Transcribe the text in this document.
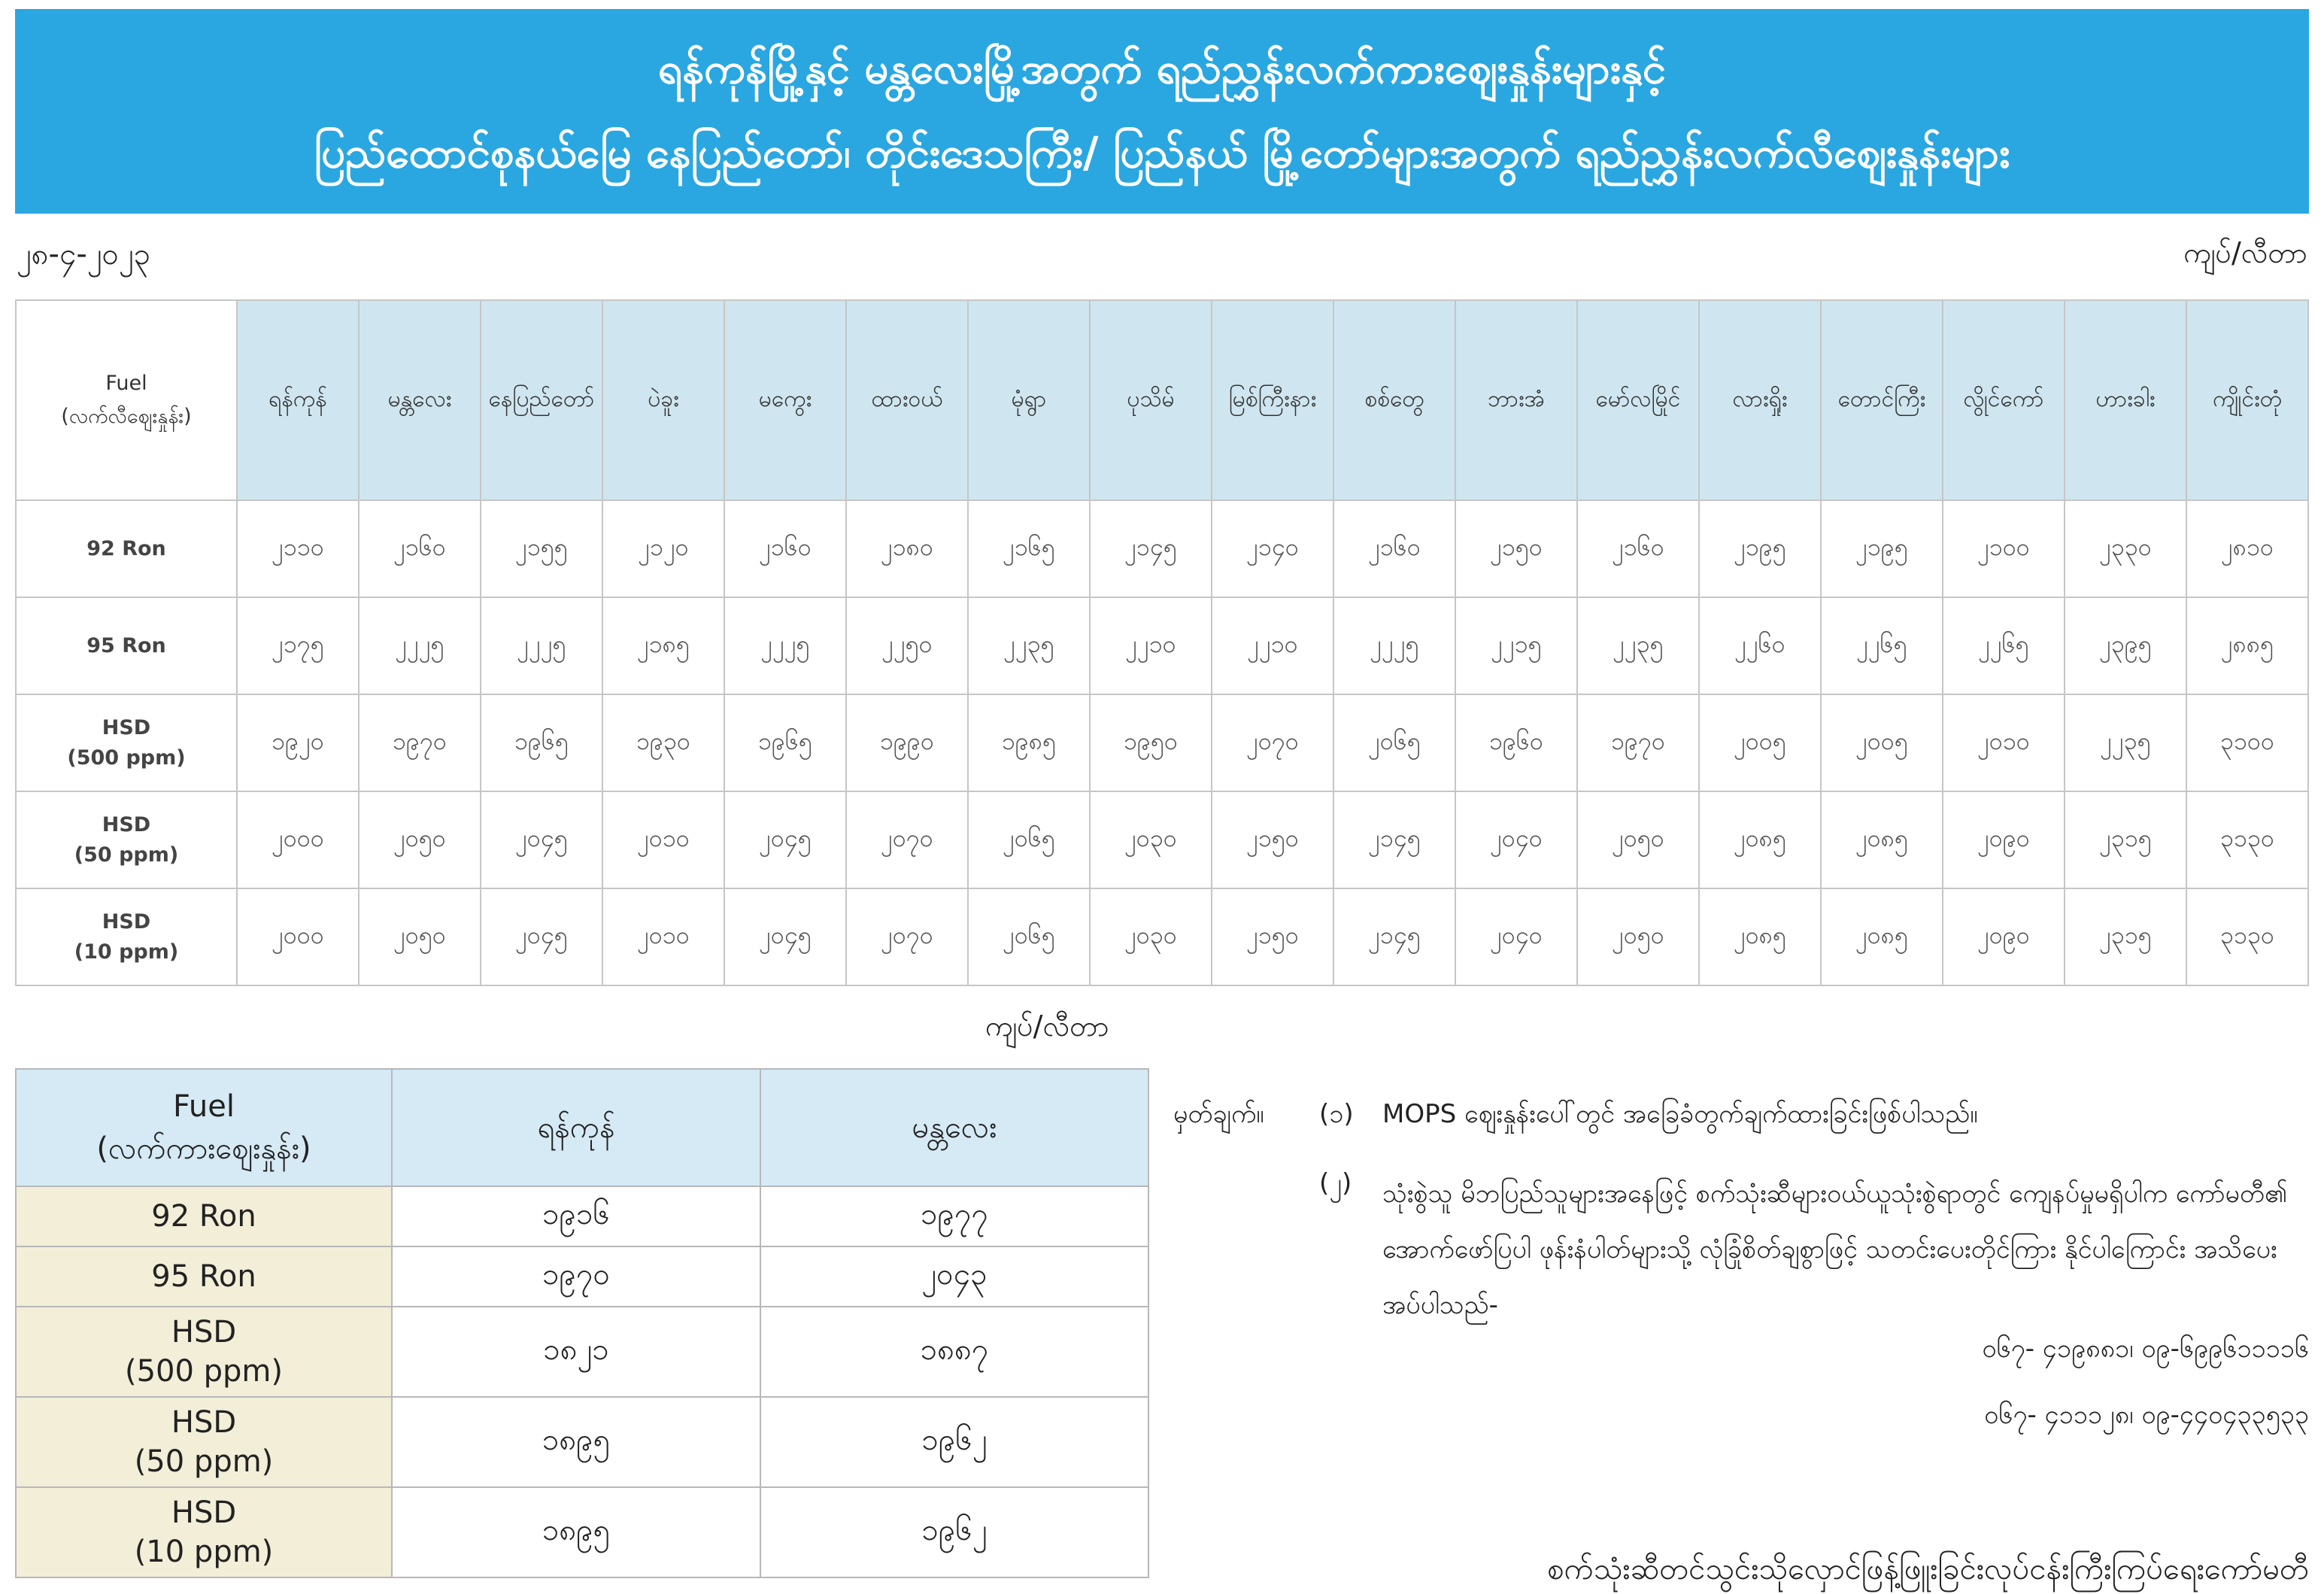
ရန်ကုန်မြို့နှင့် မန္တလေးမြို့အတွက် ရည်ညွှန်းလက်ကားဈေးနှုန်းများနှင့်
ပြည်ထောင်စုနယ်မြေ နေပြည်တော်၊ တိုင်းဒေသကြီး/ ပြည်နယ် မြို့တော်များအတွက် ရည်ညွှန်းလက်လီဈေးနှုန်းများ
၂၈-၄-၂၀၂၃	ကျပ်/လီတာ
Fuel
(လက်လီဈေးနှုန်း)	ရန်ကုန်	မန္တလေး	နေပြည်တော်	ပဲခူး	မကွေး	ထားဝယ်	မုံရွာ	ပုသိမ်	မြစ်ကြီးနား	စစ်တွေ	ဘားအံ	မော်လမြိုင်	လားရှိုး	တောင်ကြီး	လွိုင်ကော်	ဟားခါး	ကျိုင်းတုံ

92 Ron	၂၁၁၀	၂၁၆၀	၂၁၅၅	၂၁၂၀	၂၁၆၀	၂၁၈၀	၂၁၆၅	၂၁၄၅	၂၁၄၀	၂၁၆၀	၂၁၅၀	၂၁၆၀	၂၁၉၅	၂၁၉၅	၂၁၀၀	၂၃၃၀	၂၈၁၀

95 Ron	၂၁၇၅	၂၂၂၅	၂၂၂၅	၂၁၈၅	၂၂၂၅	၂၂၅၀	၂၂၃၅	၂၂၁၀	၂၂၁၀	၂၂၂၅	၂၂၁၅	၂၂၃၅	၂၂၆၀	၂၂၆၅	၂၂၆၅	၂၃၉၅	၂၈၈၅

HSD
(500 ppm)	၁၉၂၀	၁၉၇၀	၁၉၆၅	၁၉၃၀	၁၉၆၅	၁၉၉၀	၁၉၈၅	၁၉၅၀	၂၀၇၀	၂၀၆၅	၁၉၆၀	၁၉၇၀	၂၀၀၅	၂၀၀၅	၂၀၁၀	၂၂၃၅	၃၁၀၀

HSD
(50 ppm)	၂၀၀၀	၂၀၅၀	၂၀၄၅	၂၀၁၀	၂၀၄၅	၂၀၇၀	၂၀၆၅	၂၀၃၀	၂၁၅၀	၂၁၄၅	၂၀၄၀	၂၀၅၀	၂၀၈၅	၂၀၈၅	၂၀၉၀	၂၃၁၅	၃၁၃၀

HSD
(10 ppm)	၂၀၀၀	၂၀၅၀	၂၀၄၅	၂၀၁၀	၂၀၄၅	၂၀၇၀	၂၀၆၅	၂၀၃၀	၂၁၅၀	၂၁၄၅	၂၀၄၀	၂၀၅၀	၂၀၈၅	၂၀၈၅	၂၀၉၀	၂၃၁၅	၃၁၃၀
ကျပ်/လီတာ
Fuel
(လက်ကားဈေးနှုန်း)	ရန်ကုန်	မန္တလေး

92 Ron	၁၉၁၆	၁၉၇၇

95 Ron	၁၉၇၀	၂၀၄၃

HSD
(500 ppm)	၁၈၂၁	၁၈၈၇

HSD
(50 ppm)	၁၈၉၅	၁၉၆၂

HSD
(10 ppm)	၁၈၉၅	၁၉၆၂
မှတ်ချက်။ (၁) MOPS ဈေးနှုန်းပေါ်တွင် အခြေခံတွက်ချက်ထားခြင်းဖြစ်ပါသည်။
(၂) သုံးစွဲသူ မိဘပြည်သူများအနေဖြင့် စက်သုံးဆီများဝယ်ယူသုံးစွဲရာတွင် ကျေနပ်မှုမရှိပါက ကော်မတီ၏ အောက်ဖော်ပြပါ ဖုန်းနံပါတ်များသို့ လုံခြုံစိတ်ချစွာဖြင့် သတင်းပေးတိုင်ကြား နိုင်ပါကြောင်း အသိပေးအပ်ပါသည်-
၀၆၇- ၄၁၉၈၈၁၊ ၀၉-၆၉၉၆၁၁၁၁၆
၀၆၇- ၄၁၁၁၂၈၊ ၀၉-၄၄၀၄၃၃၅၃၃
စက်သုံးဆီတင်သွင်းသိုလှောင်ဖြန့်ဖြူးခြင်းလုပ်ငန်းကြီးကြပ်ရေးကော်မတီ
